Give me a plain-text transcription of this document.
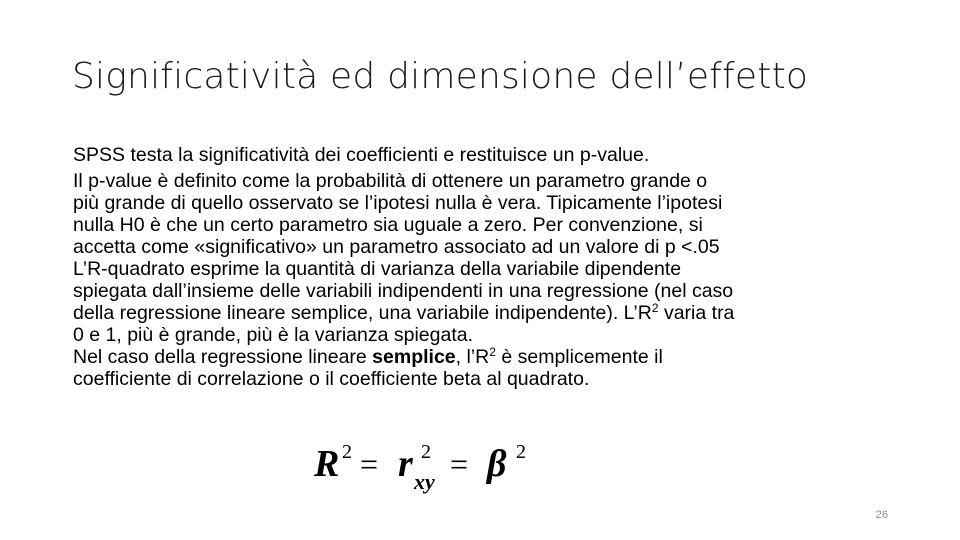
Significatività ed dimensione dell’effetto

SPSS testa la significatività dei coefficienti e restituisce un p-value.

Il p-value è definito come la probabilità di ottenere un parametro grande o
più grande di quello osservato se l’ipotesi nulla è vera. Tipicamente l’ipotesi
nulla H0 è che un certo parametro sia uguale a zero. Per convenzione, si
accetta come «significativo» un parametro associato ad un valore di p <.05

L’R-quadrato esprime la quantità di varianza della variabile dipendente
spiegata dall’insieme delle variabili indipendenti in una regressione (nel caso
della regressione lineare semplice, una variabile indipendente). $L’R^2$ varia tra
0 e 1, più è grande, più è la varianza spiegata.

Nel caso della regressione lineare semplice, $l’R^2$ è semplicemente il
coefficiente di correlazione o il coefficiente beta al quadrato.

R 2 = r 2
xy = β 2
26
